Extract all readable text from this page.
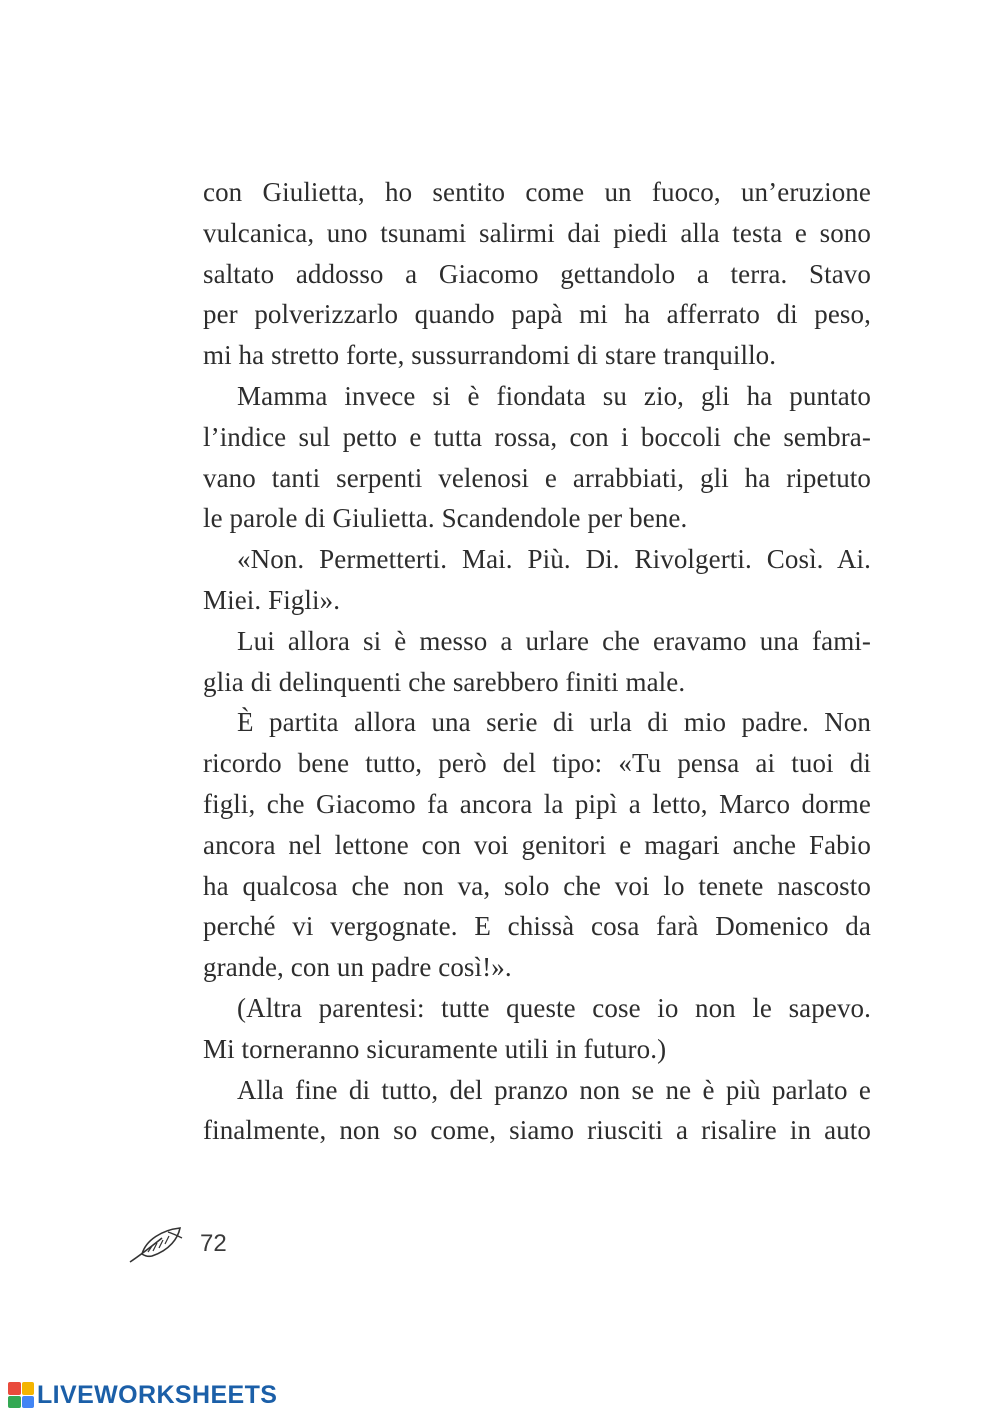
con Giulietta, ho sentito come un fuoco, un’eruzione
vulcanica, uno tsunami salirmi dai piedi alla testa e sono
saltato addosso a Giacomo gettandolo a terra. Stavo
per polverizzarlo quando papà mi ha afferrato di peso,
mi ha stretto forte, sussurrandomi di stare tranquillo.
Mamma invece si è fiondata su zio, gli ha puntato
l’indice sul petto e tutta rossa, con i boccoli che sembra-
vano tanti serpenti velenosi e arrabbiati, gli ha ripetuto
le parole di Giulietta. Scandendole per bene.
«Non. Permetterti. Mai. Più. Di. Rivolgerti. Così. Ai.
Miei. Figli».
Lui allora si è messo a urlare che eravamo una fami-
glia di delinquenti che sarebbero finiti male.
È partita allora una serie di urla di mio padre. Non
ricordo bene tutto, però del tipo: «Tu pensa ai tuoi di
figli, che Giacomo fa ancora la pipì a letto, Marco dorme
ancora nel lettone con voi genitori e magari anche Fabio
ha qualcosa che non va, solo che voi lo tenete nascosto
perché vi vergognate. E chissà cosa farà Domenico da
grande, con un padre così!».
(Altra parentesi: tutte queste cose io non le sapevo.
Mi torneranno sicuramente utili in futuro.)
Alla fine di tutto, del pranzo non se ne è più parlato e
finalmente, non so come, siamo riusciti a risalire in auto
72
LIVEWORKSHEETS
